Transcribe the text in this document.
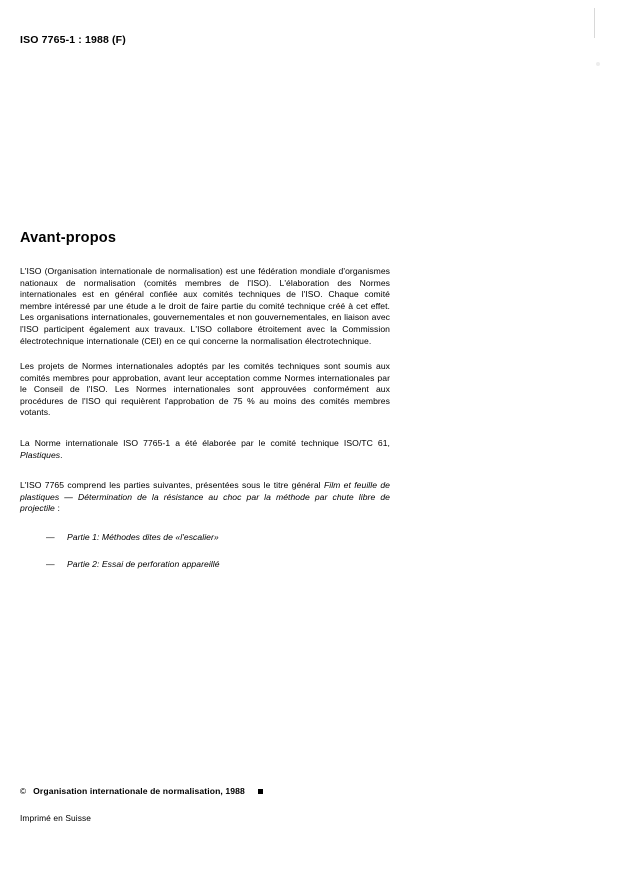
ISO 7765-1 : 1988 (F)
Avant-propos

L'ISO (Organisation internationale de normalisation) est une fédération mondiale d'organismes nationaux de normalisation (comités membres de l'ISO). L'élaboration des Normes internationales est en général confiée aux comités techniques de l'ISO. Chaque comité membre intéressé par une étude a le droit de faire partie du comité technique créé à cet effet. Les organisations internationales, gouvernementales et non gouvernementales, en liaison avec l'ISO participent également aux travaux. L'ISO collabore étroitement avec la Commission électrotechnique internationale (CEI) en ce qui concerne la normalisation électrotechnique.

Les projets de Normes internationales adoptés par les comités techniques sont soumis aux comités membres pour approbation, avant leur acceptation comme Normes internationales par le Conseil de l'ISO. Les Normes internationales sont approuvées conformément aux procédures de l'ISO qui requièrent l'approbation de 75 % au moins des comités membres votants.

La Norme internationale ISO 7765-1 a été élaborée par le comité technique ISO/TC 61, Plastiques.

L'ISO 7765 comprend les parties suivantes, présentées sous le titre général Film et feuille de plastiques — Détermination de la résistance au choc par la méthode par chute libre de projectile :

— Partie 1: Méthodes dites de «l'escalier»
— Partie 2: Essai de perforation appareillé
© Organisation internationale de normalisation, 1988
Imprimé en Suisse
